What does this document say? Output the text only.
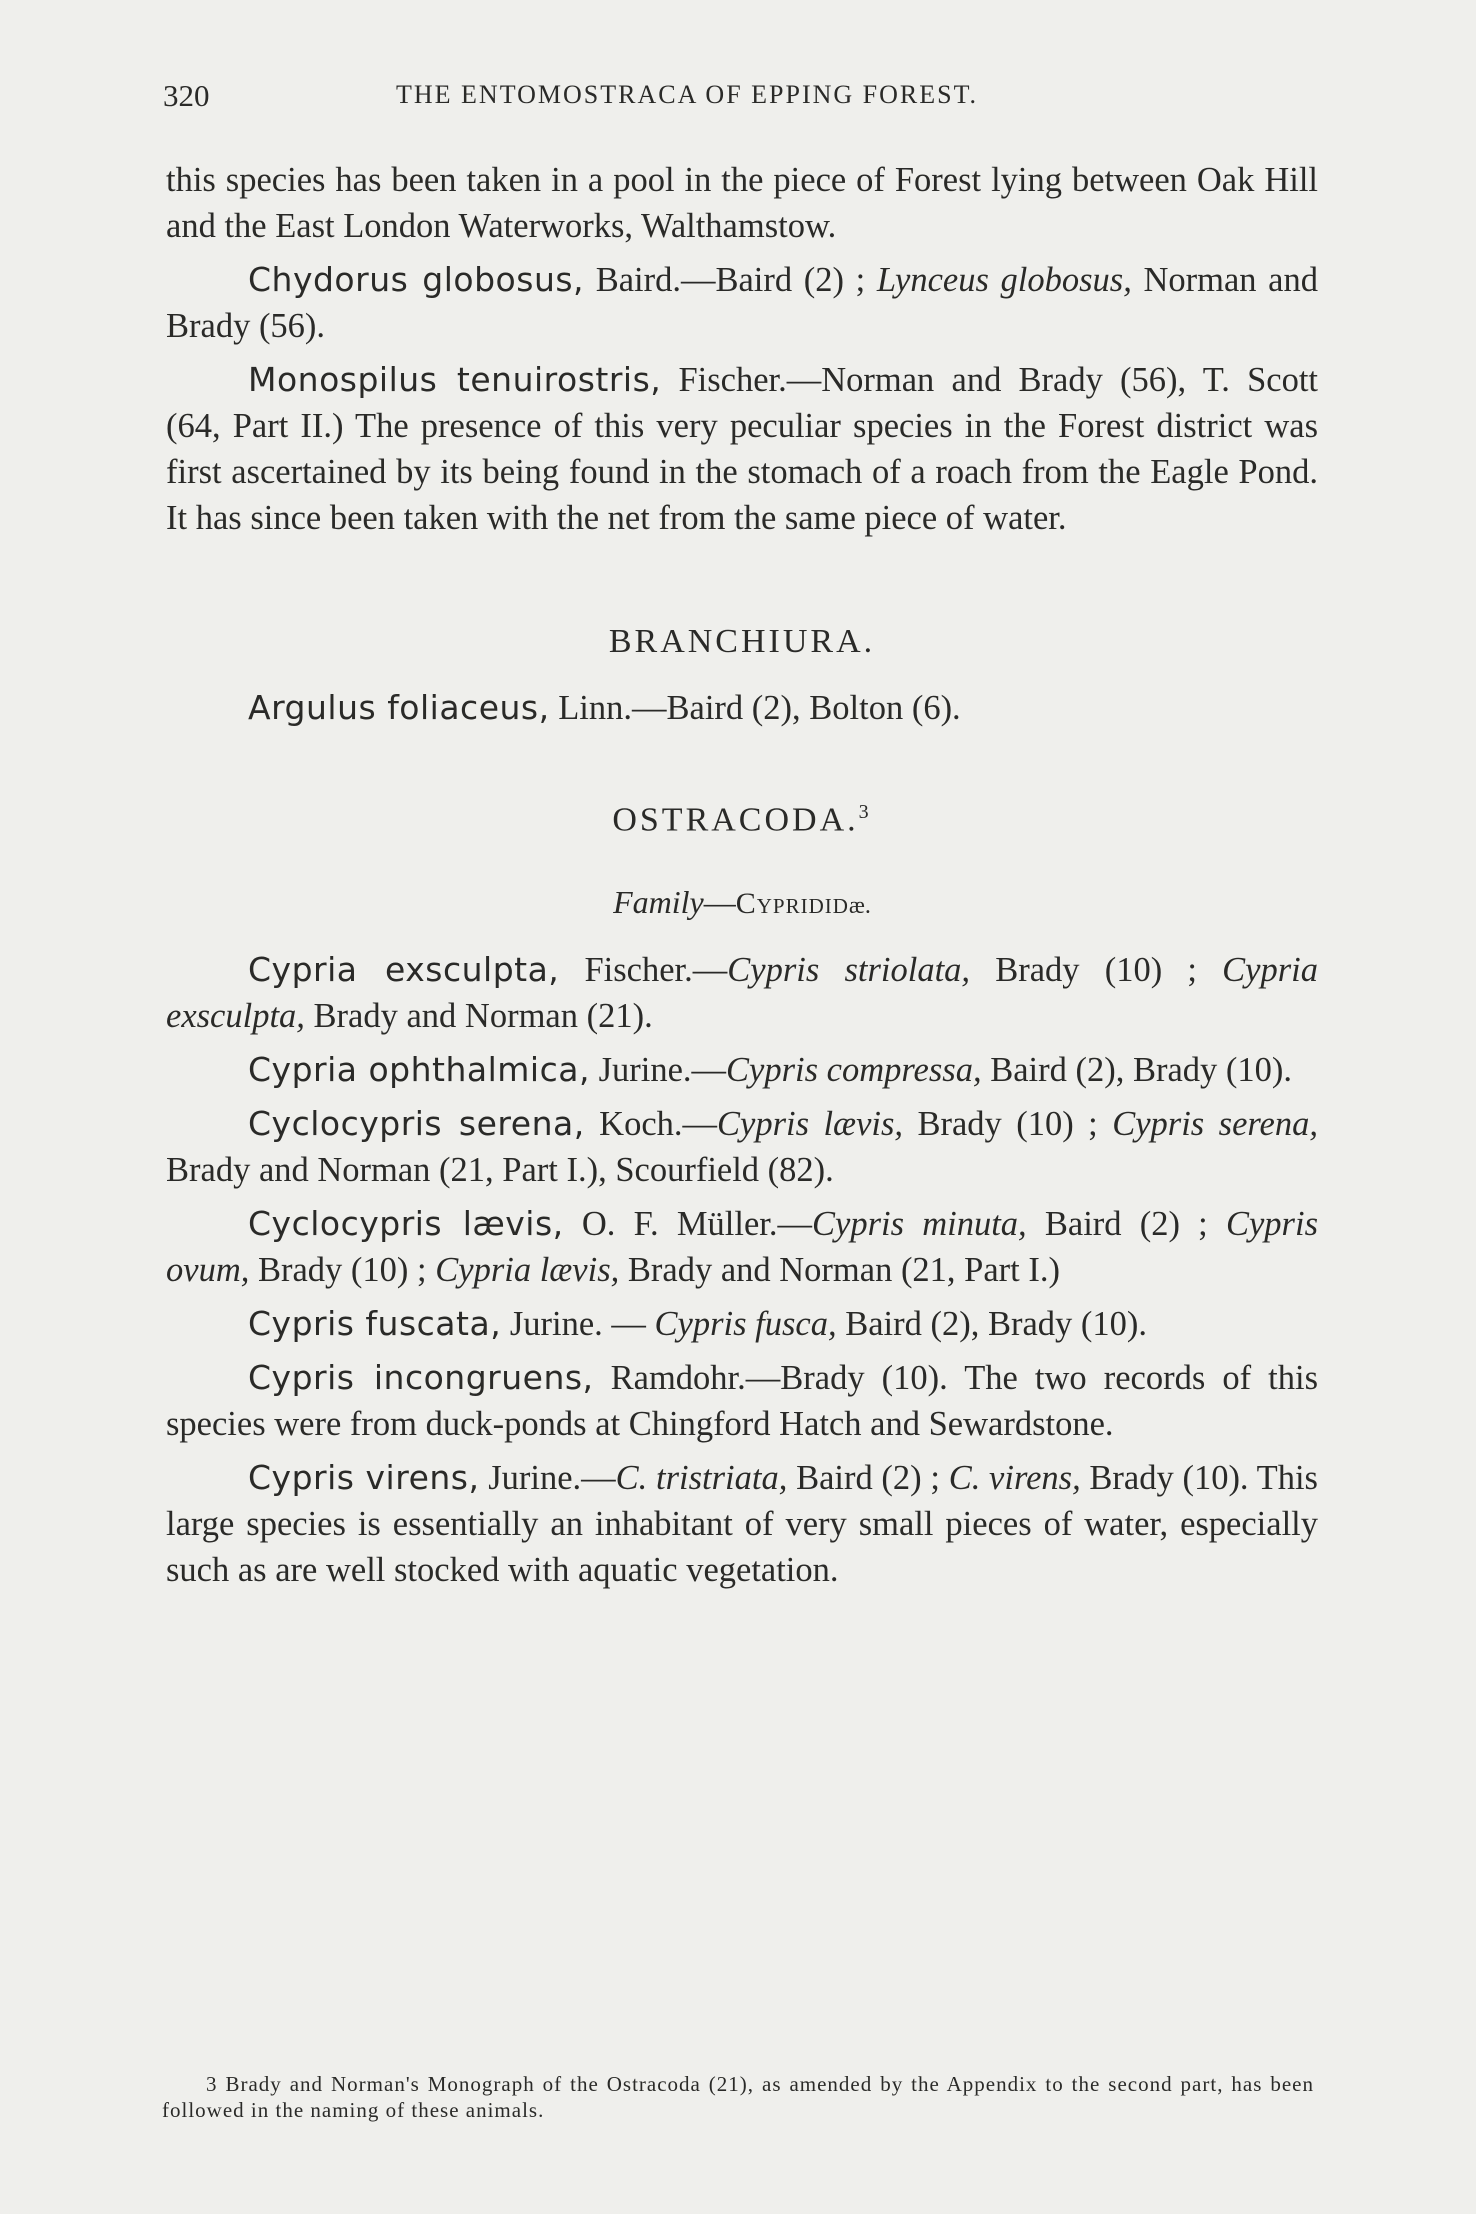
320	THE ENTOMOSTRACA OF EPPING FOREST.

this species has been taken in a pool in the piece of Forest lying between Oak Hill and the East London Waterworks, Walthamstow.

Chydorus globosus, Baird.—Baird (2) ; Lynceus globosus, Norman and Brady (56).

Monospilus tenuirostris, Fischer.—Norman and Brady (56), T. Scott (64, Part II.) The presence of this very peculiar species in the Forest district was first ascertained by its being found in the stomach of a roach from the Eagle Pond. It has since been taken with the net from the same piece of water.

BRANCHIURA.

Argulus foliaceus, Linn.—Baird (2), Bolton (6).

OSTRACODA.$^3$

Family—Cyprididæ.

Cypria exsculpta, Fischer.—Cypris striolata, Brady (10) ; Cypria exsculpta, Brady and Norman (21).

Cypria ophthalmica, Jurine.—Cypris compressa, Baird (2), Brady (10).

Cyclocypris serena, Koch.—Cypris lævis, Brady (10) ; Cypris serena, Brady and Norman (21, Part I.), Scourfield (82).

Cyclocypris lævis, O. F. Müller.—Cypris minuta, Baird (2) ; Cypris ovum, Brady (10) ; Cypria lævis, Brady and Norman (21, Part I.)

Cypris fuscata, Jurine. — Cypris fusca, Baird (2), Brady (10).

Cypris incongruens, Ramdohr.—Brady (10). The two records of this species were from duck-ponds at Chingford Hatch and Sewardstone.

Cypris virens, Jurine.—C. tristriata, Baird (2) ; C. virens, Brady (10). This large species is essentially an inhabitant of very small pieces of water, especially such as are well stocked with aquatic vegetation.

3 Brady and Norman's Monograph of the Ostracoda (21), as amended by the Appendix to the second part, has been followed in the naming of these animals.
